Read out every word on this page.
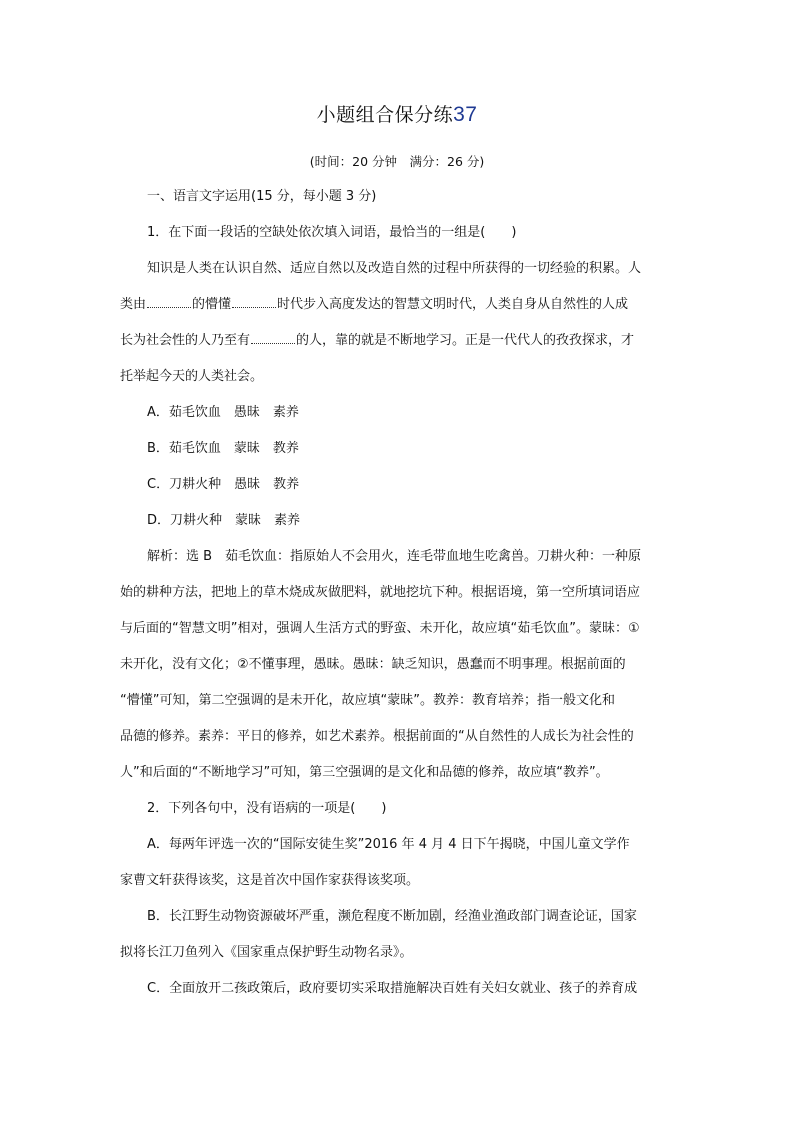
小题组合保分练37
(时间：20 分钟　满分：26 分)
一、语言文字运用(15 分，每小题 3 分)
1．在下面一段话的空缺处依次填入词语，最恰当的一组是(　　)
知识是人类在认识自然、适应自然以及改造自然的过程中所获得的一切经验的积累。人
类由	的懵懂	时代步入高度发达的智慧文明时代，人类自身从自然性的人成
长为社会性的人乃至有	的人，靠的就是不断地学习。正是一代代人的孜孜探求，才
托举起今天的人类社会。
A．茹毛饮血　愚昧　素养
B．茹毛饮血　蒙昧　教养
C．刀耕火种　愚昧　教养
D．刀耕火种　蒙昧　素养
解析：选 B　茹毛饮血：指原始人不会用火，连毛带血地生吃禽兽。刀耕火种：一种原
始的耕种方法，把地上的草木烧成灰做肥料，就地挖坑下种。根据语境，第一空所填词语应
与后面的“智慧文明”相对，强调人生活方式的野蛮、未开化，故应填“茹毛饮血”。蒙昧：①
未开化，没有文化；②不懂事理，愚昧。愚昧：缺乏知识，愚蠢而不明事理。根据前面的
“懵懂”可知，第二空强调的是未开化，故应填“蒙昧”。教养：教育培养；指一般文化和
品德的修养。素养：平日的修养，如艺术素养。根据前面的“从自然性的人成长为社会性的
人”和后面的“不断地学习”可知，第三空强调的是文化和品德的修养，故应填“教养”。
2．下列各句中，没有语病的一项是(　　)
A．每两年评选一次的“国际安徒生奖”2016 年 4 月 4 日下午揭晓，中国儿童文学作
家曹文轩获得该奖，这是首次中国作家获得该奖项。
B．长江野生动物资源破坏严重，濒危程度不断加剧，经渔业渔政部门调查论证，国家
拟将长江刀鱼列入《国家重点保护野生动物名录》。
C．全面放开二孩政策后，政府要切实采取措施解决百姓有关妇女就业、孩子的养育成
